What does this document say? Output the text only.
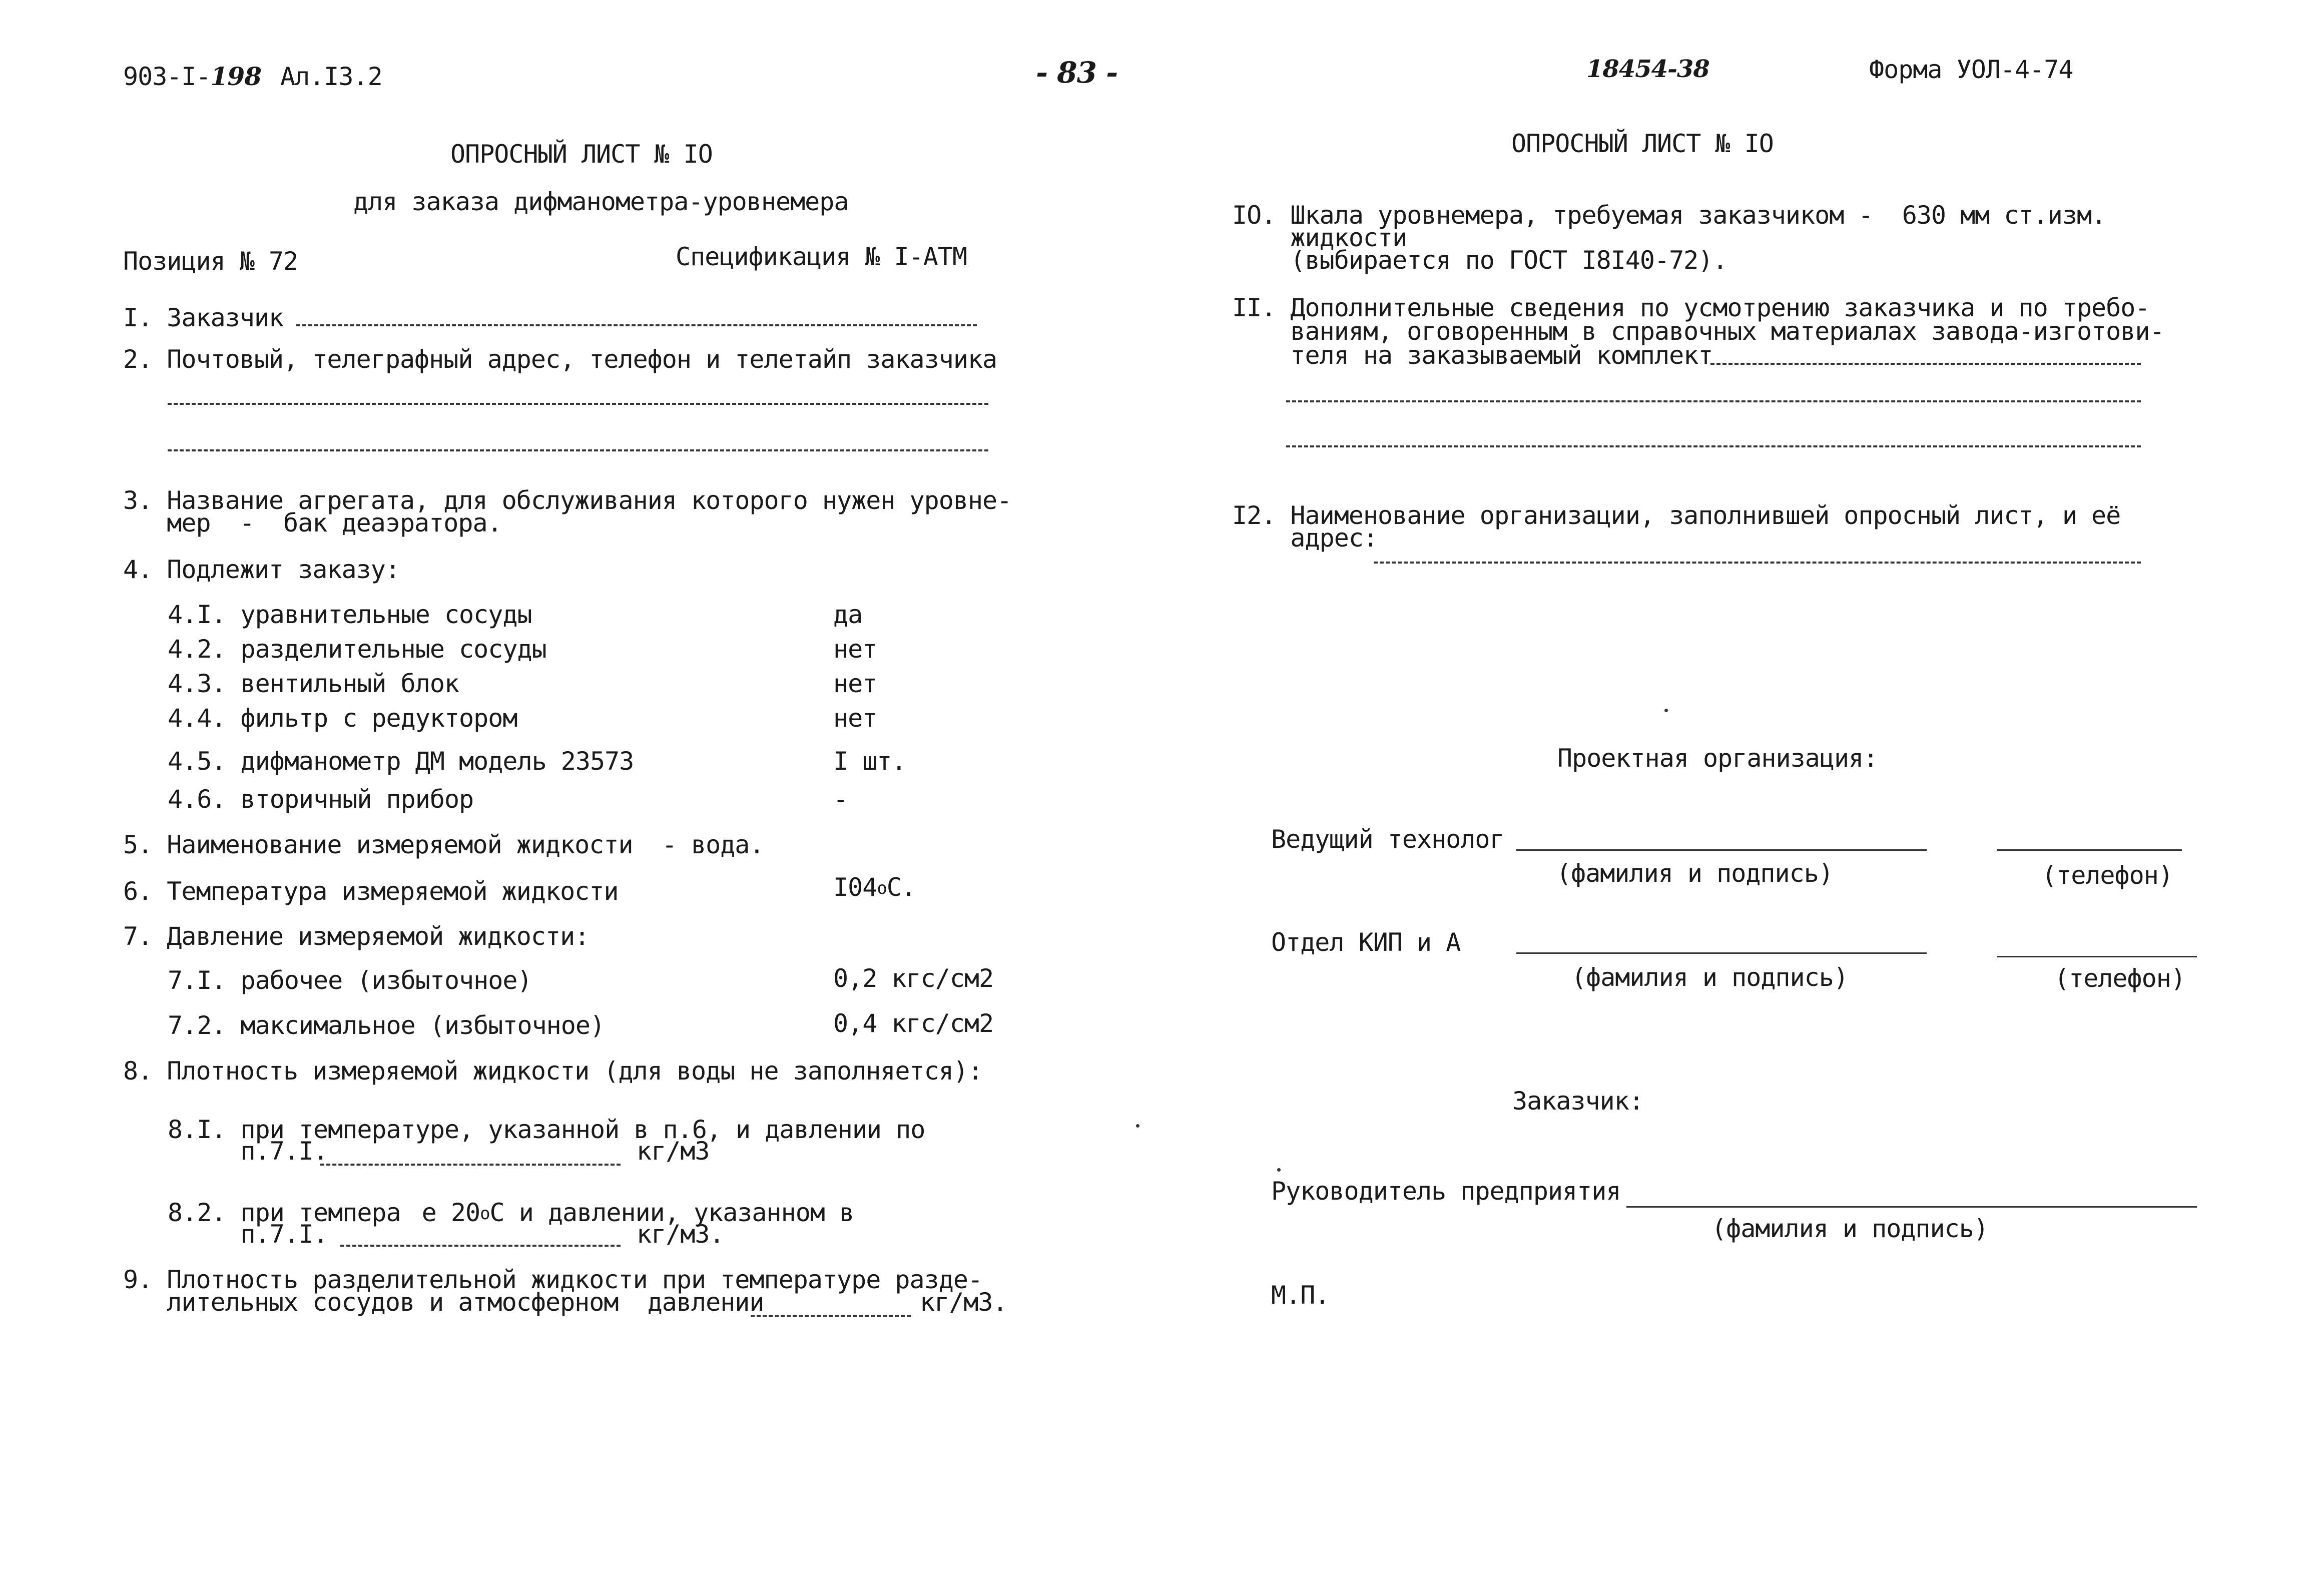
903-I-198 Ал.I3.2	- 83 -	18454-38	Форма УОЛ-4-74
ОПРОСНЫЙ ЛИСТ № IO
для заказа дифманометра-уровнемера
Позиция № 72	Спецификация № I-АТМ
I. Заказчик
2. Почтовый, телеграфный адрес, телефон и телетайп заказчика
3. Название агрегата, для обслуживания которого нужен уровне-
мер  -  бак деаэратора.
4. Подлежит заказу:
4.I. уравнительные сосуды	да
4.2. разделительные сосуды	нет
4.3. вентильный блок	нет
4.4. фильтр с редуктором	нет
4.5. дифманометр ДМ модель 23573	I шт.
4.6. вторичный прибор	-
5. Наименование измеряемой жидкости  - вода.
6. Температура измеряемой жидкости	I04$^o$C.
7. Давление измеряемой жидкости:
7.I. рабочее (избыточное)	0,2 кгс/см2
7.2. максимальное (избыточное)	0,4 кгс/см2
8. Плотность измеряемой жидкости (для воды не заполняется):
8.I. при температуре, указанной в п.6, и давлении по
п.7.I.	кг/м3
8.2. при темпера е 20$^o$С и давлении, указанном в
п.7.I.	кг/м3.
9. Плотность разделительной жидкости при температуре разде-
лительных сосудов и атмосферном  давлении	кг/м3.
ОПРОСНЫЙ ЛИСТ № IO
IO. Шкала уровнемера, требуемая заказчиком -  630 мм ст.изм.
жидкости
(выбирается по ГОСТ I8I40-72).
II. Дополнительные сведения по усмотрению заказчика и по требо-
ваниям, оговоренным в справочных материалах завода-изготови-
теля на заказываемый комплект
I2. Наименование организации, заполнившей опросный лист, и её
адрес:
Проектная организация:
Ведущий технолог
(фамилия и подпись)	(телефон)
Отдел КИП и А
(фамилия и подпись)	(телефон)
Заказчик:
Руководитель предприятия
(фамилия и подпись)
М.П.
